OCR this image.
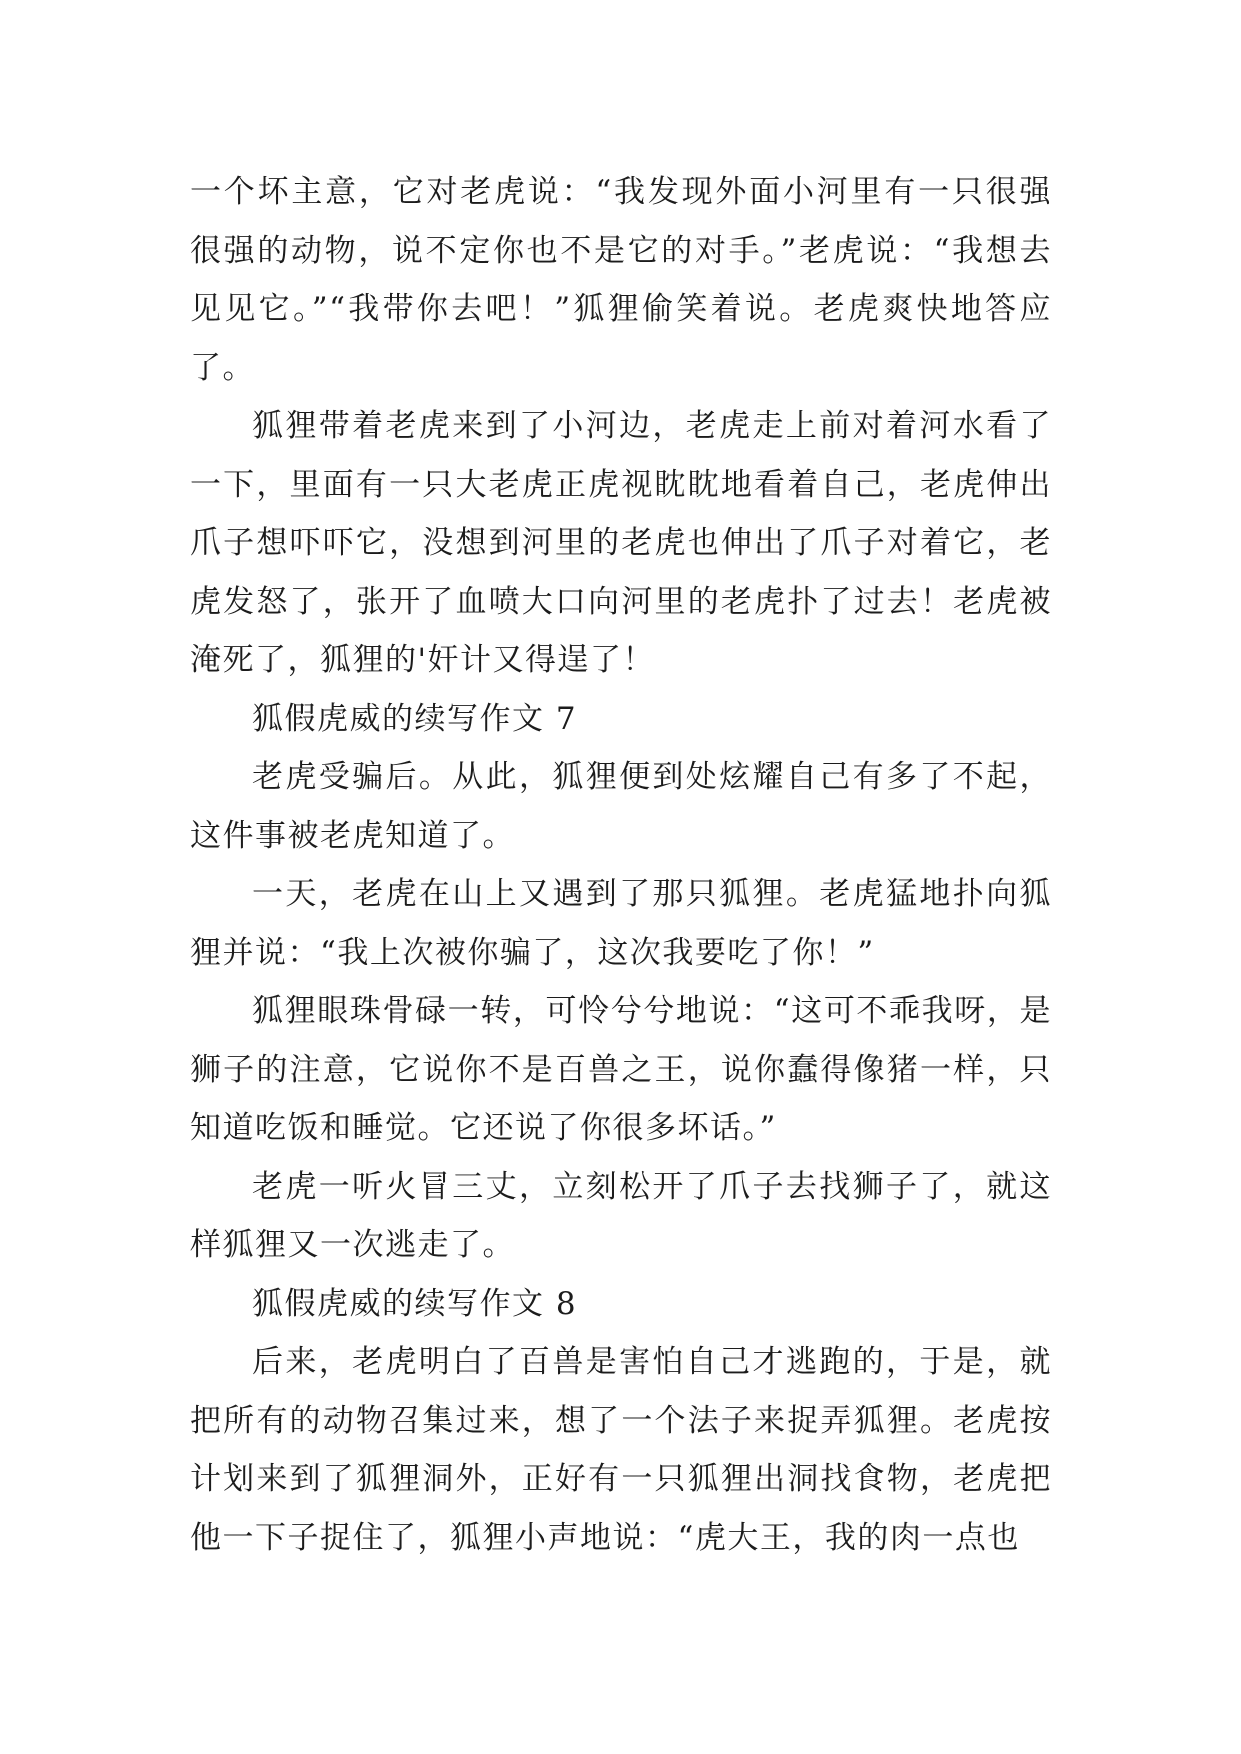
一个坏主意，它对老虎说：“我发现外面小河里有一只很强很强的动物，说不定你也不是它的对手。”老虎说：“我想去见见它。”“我带你去吧！”狐狸偷笑着说。老虎爽快地答应了。

狐狸带着老虎来到了小河边，老虎走上前对着河水看了一下，里面有一只大老虎正虎视眈眈地看着自己，老虎伸出爪子想吓吓它，没想到河里的老虎也伸出了爪子对着它，老虎发怒了，张开了血喷大口向河里的老虎扑了过去！老虎被淹死了，狐狸的'奸计又得逞了！

狐假虎威的续写作文 7

老虎受骗后。从此，狐狸便到处炫耀自己有多了不起，这件事被老虎知道了。

一天，老虎在山上又遇到了那只狐狸。老虎猛地扑向狐狸并说：“我上次被你骗了，这次我要吃了你！”

狐狸眼珠骨碌一转，可怜兮兮地说：“这可不乖我呀，是狮子的注意，它说你不是百兽之王，说你蠢得像猪一样，只知道吃饭和睡觉。它还说了你很多坏话。”

老虎一听火冒三丈，立刻松开了爪子去找狮子了，就这样狐狸又一次逃走了。

狐假虎威的续写作文 8

后来，老虎明白了百兽是害怕自己才逃跑的，于是，就把所有的动物召集过来，想了一个法子来捉弄狐狸。老虎按计划来到了狐狸洞外，正好有一只狐狸出洞找食物，老虎把他一下子捉住了，狐狸小声地说：“虎大王，我的肉一点也
